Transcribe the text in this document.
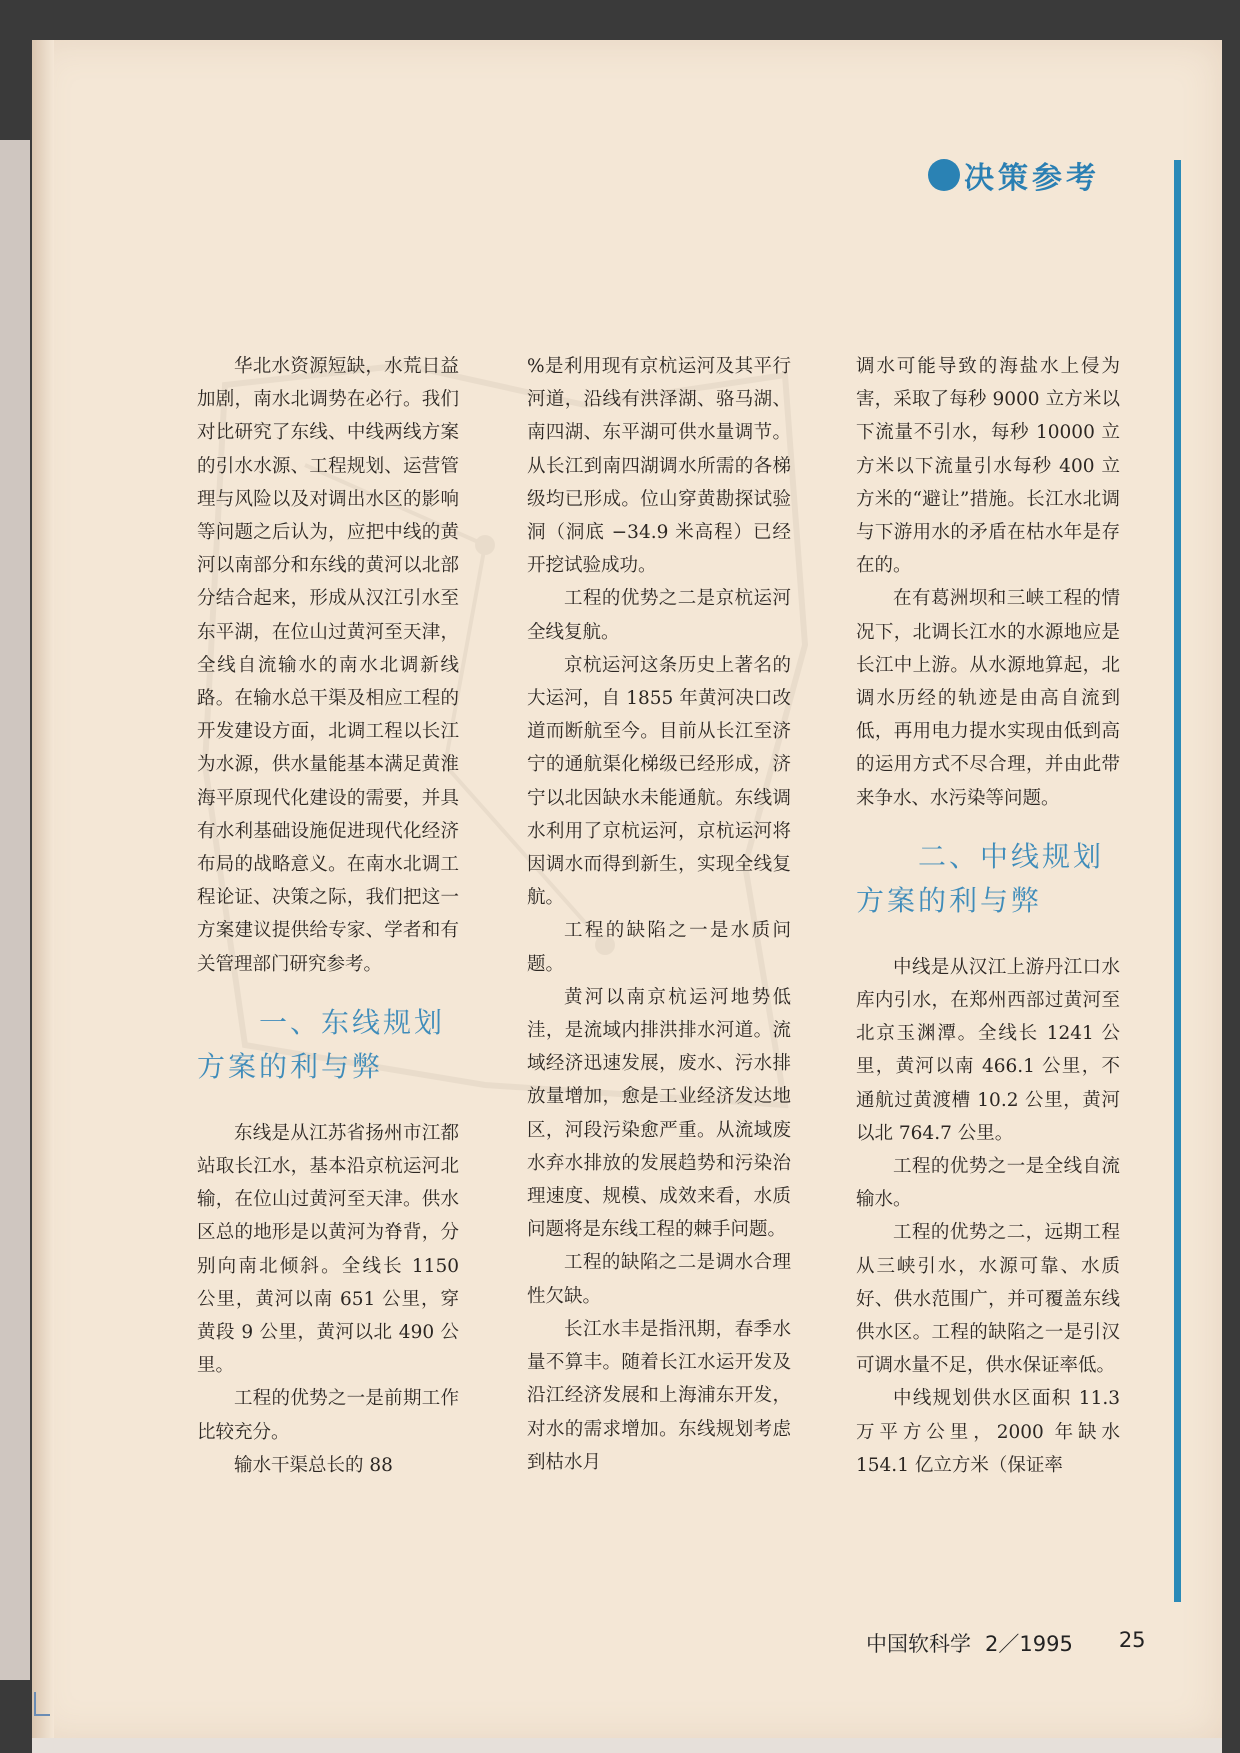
决策参考

华北水资源短缺，水荒日益加剧，南水北调势在必行。我们对比研究了东线、中线两线方案的引水水源、工程规划、运营管理与风险以及对调出水区的影响等问题之后认为，应把中线的黄河以南部分和东线的黄河以北部分结合起来，形成从汉江引水至东平湖，在位山过黄河至天津，全线自流输水的南水北调新线路。在输水总干渠及相应工程的开发建设方面，北调工程以长江为水源，供水量能基本满足黄淮海平原现代化建设的需要，并具有水利基础设施促进现代化经济布局的战略意义。在南水北调工程论证、决策之际，我们把这一方案建议提供给专家、学者和有关管理部门研究参考。

一、东线规划
方案的利与弊

东线是从江苏省扬州市江都站取长江水，基本沿京杭运河北输，在位山过黄河至天津。供水区总的地形是以黄河为脊背，分别向南北倾斜。全线长 1150 公里，黄河以南 651 公里，穿黄段 9 公里，黄河以北 490 公里。

工程的优势之一是前期工作比较充分。

输水干渠总长的 88

%是利用现有京杭运河及其平行河道，沿线有洪泽湖、骆马湖、南四湖、东平湖可供水量调节。从长江到南四湖调水所需的各梯级均已形成。位山穿黄勘探试验洞（洞底 −34.9 米高程）已经开挖试验成功。

工程的优势之二是京杭运河全线复航。

京杭运河这条历史上著名的大运河，自 1855 年黄河决口改道而断航至今。目前从长江至济宁的通航渠化梯级已经形成，济宁以北因缺水未能通航。东线调水利用了京杭运河，京杭运河将因调水而得到新生，实现全线复航。

工程的缺陷之一是水质问题。

黄河以南京杭运河地势低洼，是流域内排洪排水河道。流域经济迅速发展，废水、污水排放量增加，愈是工业经济发达地区，河段污染愈严重。从流域废水弃水排放的发展趋势和污染治理速度、规模、成效来看，水质问题将是东线工程的棘手问题。

工程的缺陷之二是调水合理性欠缺。

长江水丰是指汛期，春季水量不算丰。随着长江水运开发及沿江经济发展和上海浦东开发，对水的需求增加。东线规划考虑到枯水月

调水可能导致的海盐水上侵为害，采取了每秒 9000 立方米以下流量不引水，每秒 10000 立方米以下流量引水每秒 400 立方米的“避让”措施。长江水北调与下游用水的矛盾在枯水年是存在的。

在有葛洲坝和三峡工程的情况下，北调长江水的水源地应是长江中上游。从水源地算起，北调水历经的轨迹是由高自流到低，再用电力提水实现由低到高的运用方式不尽合理，并由此带来争水、水污染等问题。

二、中线规划
方案的利与弊

中线是从汉江上游丹江口水库内引水，在郑州西部过黄河至北京玉渊潭。全线长 1241 公里，黄河以南 466.1 公里，不通航过黄渡槽 10.2 公里，黄河以北 764.7 公里。

工程的优势之一是全线自流输水。

工程的优势之二，远期工程从三峡引水，水源可靠、水质好、供水范围广，并可覆盖东线供水区。工程的缺陷之一是引汉可调水量不足，供水保证率低。

中线规划供水区面积 11.3 万平方公里，2000 年缺水 154.1 亿立方米（保证率

中国软科学 2／1995 25
